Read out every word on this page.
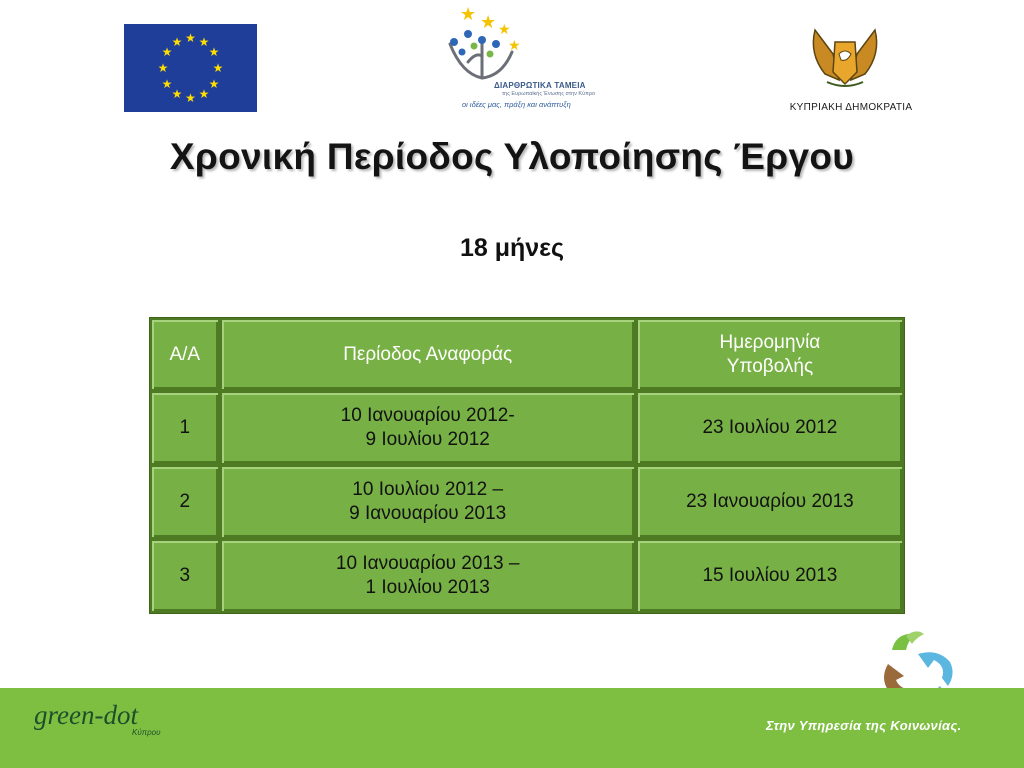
★ ★
★
★
★
★
★
★
★
★
★
★
★ ★ ★
★
ΔΙΑΡΘΡΩΤΙΚΑ ΤΑΜΕΙΑ
της Ευρωπαϊκής Ένωσης στην Κύπρο
οι ιδέες μας, πράξη και ανάπτυξη	ΚΥΠΡΙΑΚΗ ΔΗΜΟΚΡΑΤΙΑ
Χρονική Περίοδος Υλοποίησης Έργου
18 μήνες
Α/Α	Περίοδος Αναφοράς	Ημερομηνία
Υποβολής
1	10 Ιανουαρίου 2012-
9 Ιουλίου 2012	23 Ιουλίου 2012
2	10 Ιουλίου 2012 –
9 Ιανουαρίου 2013	23 Ιανουαρίου 2013
3	10 Ιανουαρίου 2013 –
1 Ιουλίου 2013	15 Ιουλίου 2013
green-dot
Κύπρου	Στην Υπηρεσία της Κοινωνίας.
